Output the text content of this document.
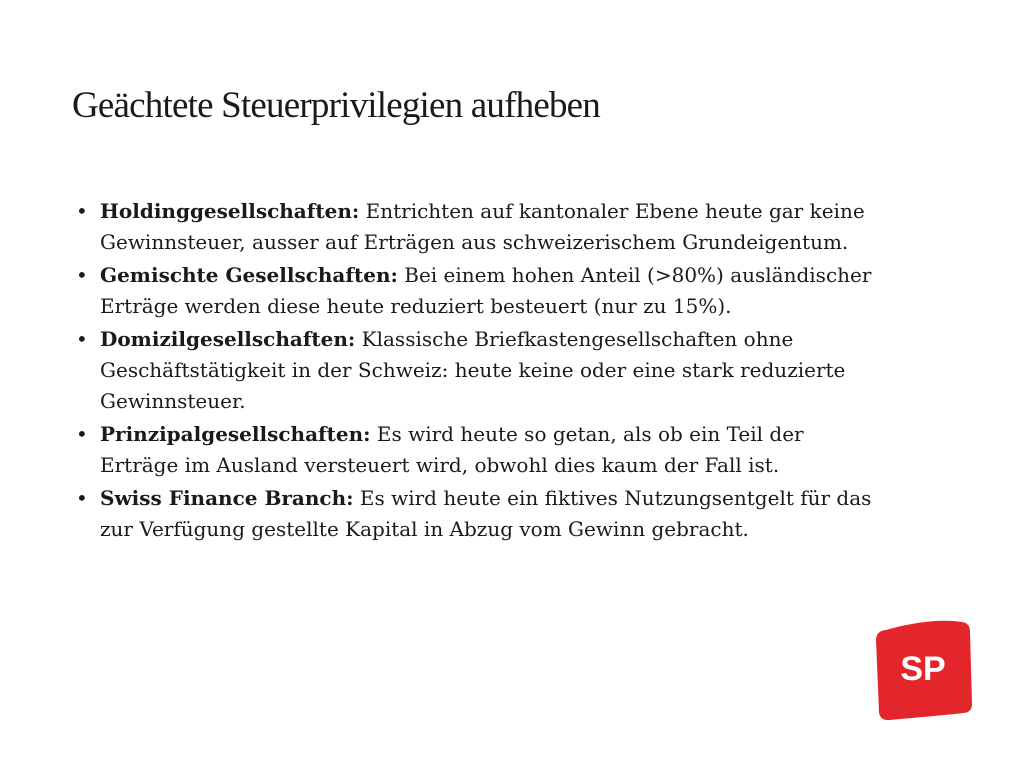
Geächtete Steuerprivilegien aufheben
• Holdinggesellschaften: Entrichten auf kantonaler Ebene heute gar keine Gewinnsteuer, ausser auf Erträgen aus schweizerischem Grundeigentum.
• Gemischte Gesellschaften: Bei einem hohen Anteil (>80%) ausländischer Erträge werden diese heute reduziert besteuert (nur zu 15%).
• Domizilgesellschaften: Klassische Briefkastengesellschaften ohne Geschäftstätigkeit in der Schweiz: heute keine oder eine stark reduzierte Gewinnsteuer.
• Prinzipalgesellschaften: Es wird heute so getan, als ob ein Teil der Erträge im Ausland versteuert wird, obwohl dies kaum der Fall ist.
• Swiss Finance Branch: Es wird heute ein fiktives Nutzungsentgelt für das zur Verfügung gestellte Kapital in Abzug vom Gewinn gebracht.
SP
